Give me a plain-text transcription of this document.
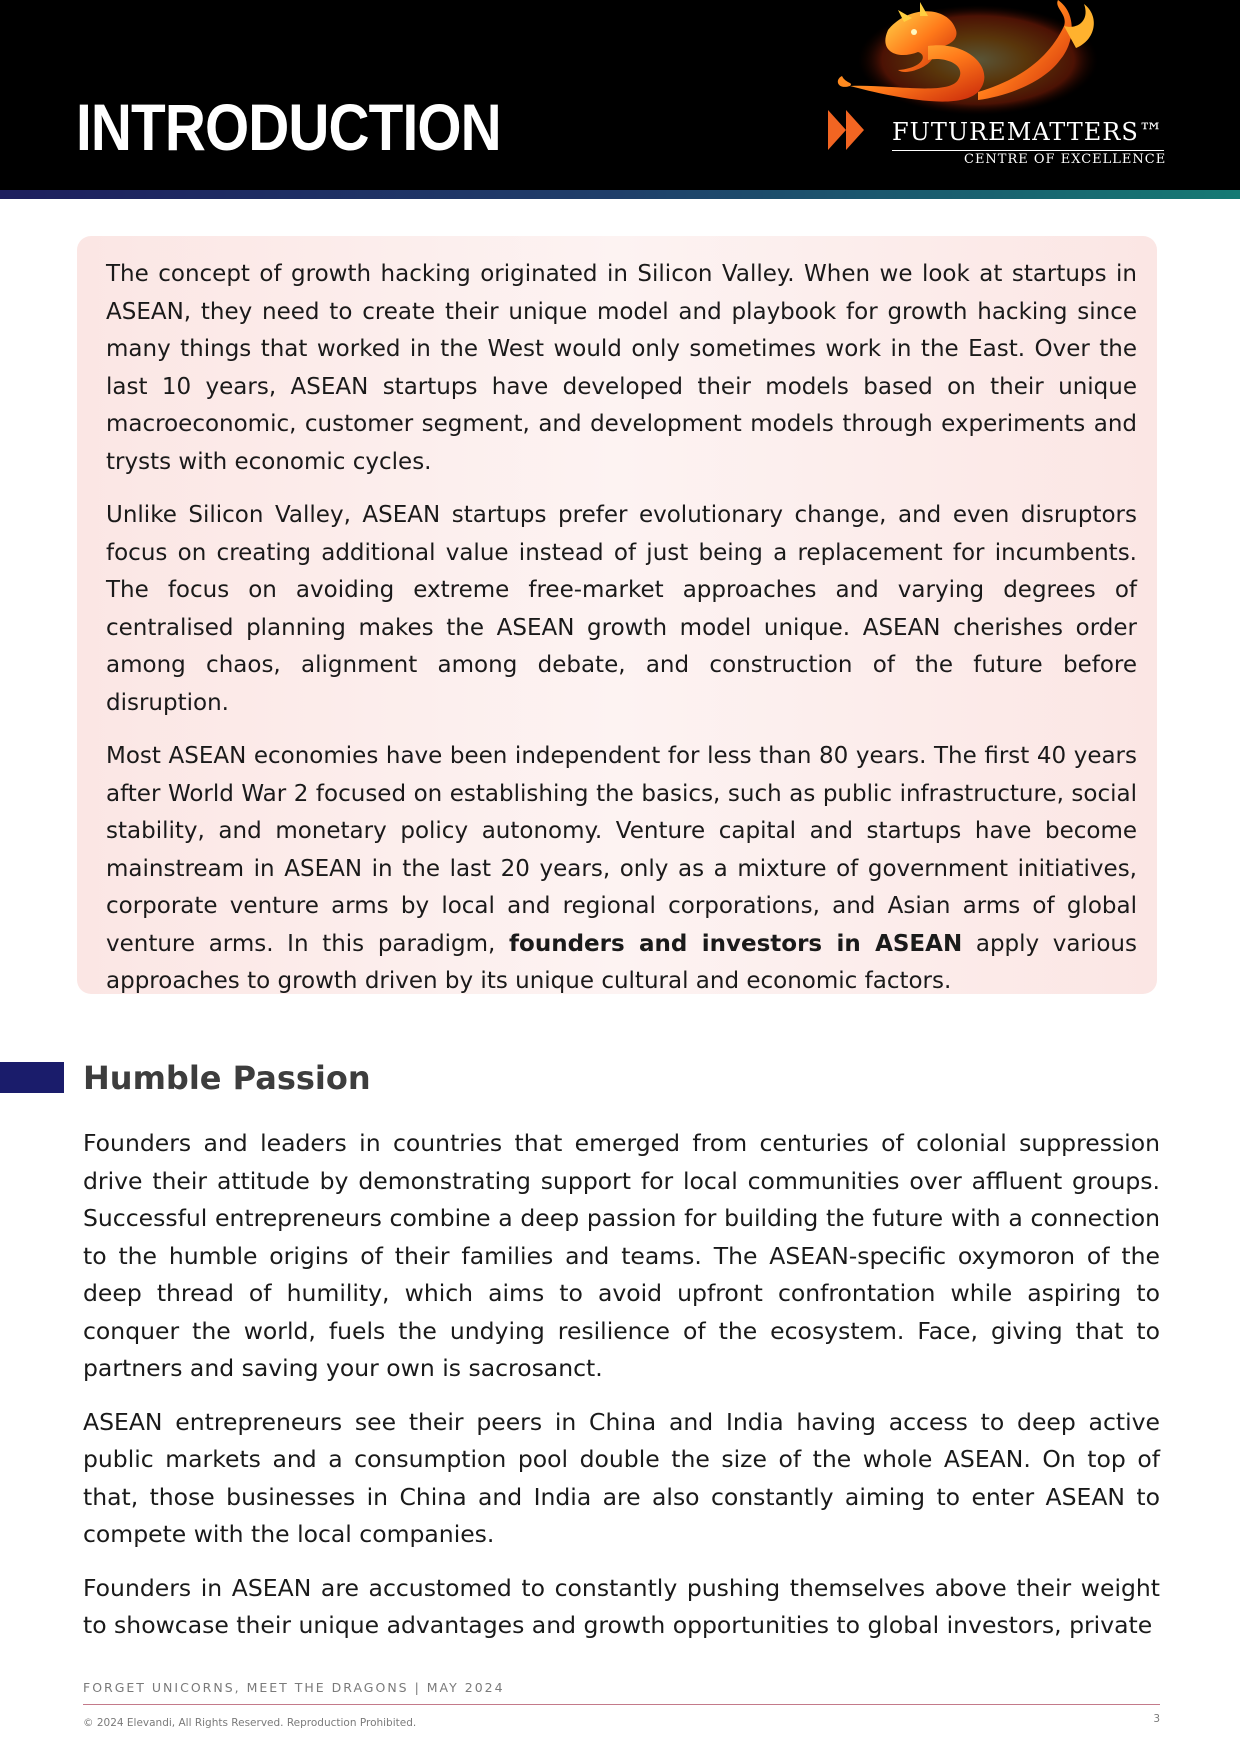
INTRODUCTION	FUTUREMATTERS™
CENTRE OF EXCELLENCE

The concept of growth hacking originated in Silicon Valley. When we look at startups in ASEAN, they need to create their unique model and playbook for growth hacking since many things that worked in the West would only sometimes work in the East. Over the last 10 years, ASEAN startups have developed their models based on their unique macroeconomic, customer segment, and development models through experiments and trysts with economic cycles.

Unlike Silicon Valley, ASEAN startups prefer evolutionary change, and even disruptors focus on creating additional value instead of just being a replacement for incumbents. The focus on avoiding extreme free-market approaches and varying degrees of centralised planning makes the ASEAN growth model unique. ASEAN cherishes order among chaos, alignment among debate, and construction of the future before disruption.

Most ASEAN economies have been independent for less than 80 years. The first 40 years after World War 2 focused on establishing the basics, such as public infrastructure, social stability, and monetary policy autonomy. Venture capital and startups have become mainstream in ASEAN in the last 20 years, only as a mixture of government initiatives, corporate venture arms by local and regional corporations, and Asian arms of global venture arms. In this paradigm, founders and investors in ASEAN apply various approaches to growth driven by its unique cultural and economic factors.

Humble Passion

Founders and leaders in countries that emerged from centuries of colonial suppression drive their attitude by demonstrating support for local communities over affluent groups. Successful entrepreneurs combine a deep passion for building the future with a connection to the humble origins of their families and teams. The ASEAN-specific oxymoron of the deep thread of humility, which aims to avoid upfront confrontation while aspiring to conquer the world, fuels the undying resilience of the ecosystem. Face, giving that to partners and saving your own is sacrosanct.

ASEAN entrepreneurs see their peers in China and India having access to deep active public markets and a consumption pool double the size of the whole ASEAN. On top of that, those businesses in China and India are also constantly aiming to enter ASEAN to compete with the local companies.

Founders in ASEAN are accustomed to constantly pushing themselves above their weight to showcase their unique advantages and growth opportunities to global investors, private

FORGET UNICORNS, MEET THE DRAGONS | MAY 2024
© 2024 Elevandi, All Rights Reserved. Reproduction Prohibited.	3
